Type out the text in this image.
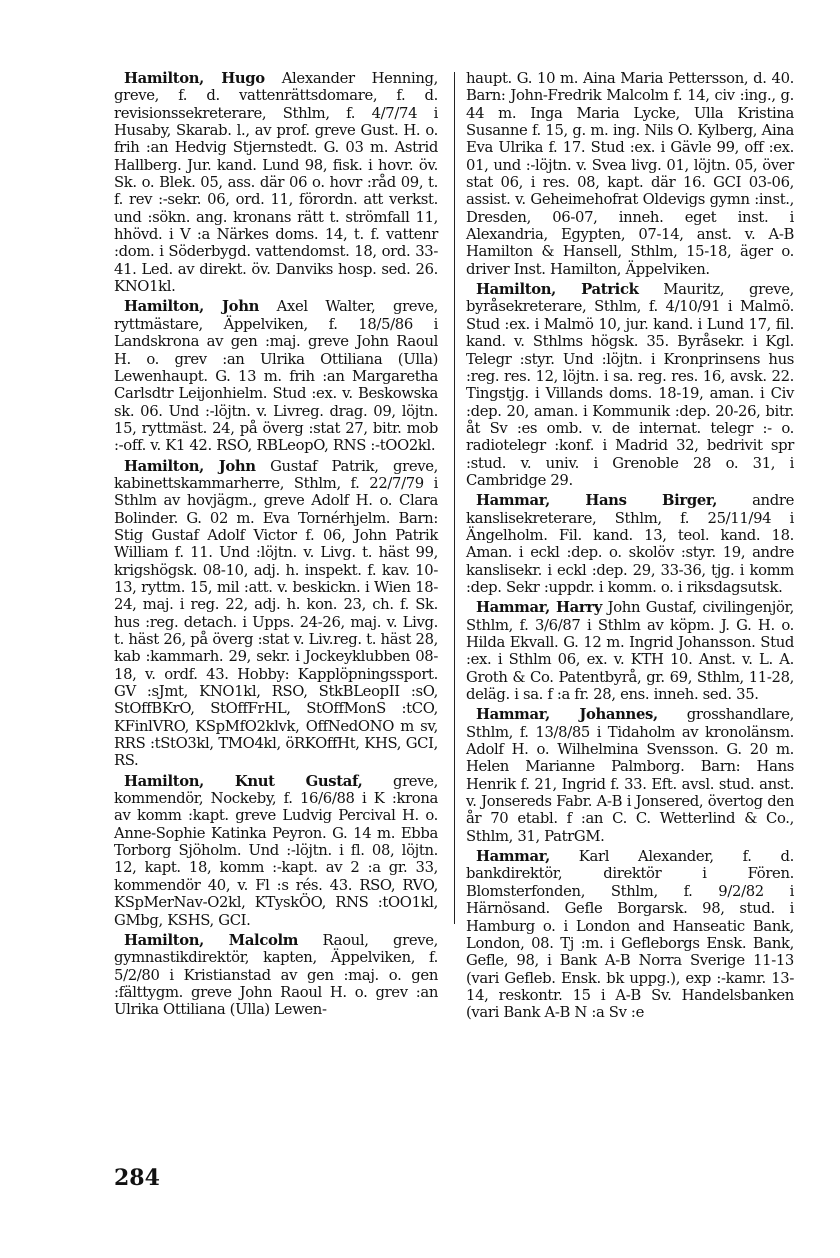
Hamilton, Hugo Alexander Henning, greve, f. d. vattenrättsdomare, f. d. revisionssekreterare, Sthlm, f. 4/7/74 i Husaby, Skarab. l., av prof. greve Gust. H. o. frih :an Hedvig Stjernstedt. G. 03 m. Astrid Hallberg. Jur. kand. Lund 98, fisk. i hovr. öv. Sk. o. Blek. 05, ass. där 06 o. hovr :råd 09, t. f. rev :-sekr. 06, ord. 11, förordn. att verkst. und :sökn. ang. kronans rätt t. strömfall 11, hhövd. i V :a Närkes doms. 14, t. f. vattenr :dom. i Söderbygd. vattendomst. 18, ord. 33-41. Led. av direkt. öv. Danviks hosp. sed. 26. KNO1kl.

Hamilton, John Axel Walter, greve, ryttmästare, Äppelviken, f. 18/5/86 i Landskrona av gen :maj. greve John Raoul H. o. grev :an Ulrika Ottiliana (Ulla) Lewenhaupt. G. 13 m. frih :an Margaretha Carlsdtr Leijonhielm. Stud :ex. v. Beskowska sk. 06. Und :-löjtn. v. Livreg. drag. 09, löjtn. 15, ryttmäst. 24, på överg :stat 27, bitr. mob :-off. v. K1 42. RSO, RBLeopO, RNS :-tOO2kl.

Hamilton, John Gustaf Patrik, greve, kabinettskammarherre, Sthlm, f. 22/7/79 i Sthlm av hovjägm., greve Adolf H. o. Clara Bolinder. G. 02 m. Eva Tornérhjelm. Barn: Stig Gustaf Adolf Victor f. 06, John Patrik William f. 11. Und :löjtn. v. Livg. t. häst 99, krigshögsk. 08-10, adj. h. inspekt. f. kav. 10-13, ryttm. 15, mil :att. v. beskickn. i Wien 18-24, maj. i reg. 22, adj. h. kon. 23, ch. f. Sk. hus :reg. detach. i Upps. 24-26, maj. v. Livg. t. häst 26, på överg :stat v. Liv.reg. t. häst 28, kab :kammarh. 29, sekr. i Jockeyklubben 08-18, v. ordf. 43. Hobby: Kapplöpningssport. GV :sJmt, KNO1kl, RSO, StkBLeopII :sO, StOffBKrO, StOffFrHL, StOffMonS :tCO, KFinlVRO, KSpMfO2klvk, OffNedONO m sv, RRS :tStO3kl, TMO4kl, öRKOffHt, KHS, GCI, RS.

Hamilton, Knut Gustaf, greve, kommendör, Nockeby, f. 16/6/88 i K :krona av komm :kapt. greve Ludvig Percival H. o. Anne-Sophie Katinka Peyron. G. 14 m. Ebba Torborg Sjöholm. Und :-löjtn. i fl. 08, löjtn. 12, kapt. 18, komm :-kapt. av 2 :a gr. 33, kommendör 40, v. Fl :s rés. 43. RSO, RVO, KSpMerNav-O2kl, KTyskÖO, RNS :tOO1kl, GMbg, KSHS, GCI.

Hamilton, Malcolm Raoul, greve, gymnastikdirektör, kapten, Äppelviken, f. 5/2/80 i Kristianstad av gen :maj. o. gen :fälttygm. greve John Raoul H. o. grev :an Ulrika Ottiliana (Ulla) Lewen-

haupt. G. 10 m. Aina Maria Pettersson, d. 40. Barn: John-Fredrik Malcolm f. 14, civ :ing., g. 44 m. Inga Maria Lycke, Ulla Kristina Susanne f. 15, g. m. ing. Nils O. Kylberg, Aina Eva Ulrika f. 17. Stud :ex. i Gävle 99, off :ex. 01, und :-löjtn. v. Svea livg. 01, löjtn. 05, över stat 06, i res. 08, kapt. där 16. GCI 03-06, assist. v. Geheimehofrat Oldevigs gymn :inst., Dresden, 06-07, inneh. eget inst. i Alexandria, Egypten, 07-14, anst. v. A-B Hamilton & Hansell, Sthlm, 15-18, äger o. driver Inst. Hamilton, Äppelviken.

Hamilton, Patrick Mauritz, greve, byråsekreterare, Sthlm, f. 4/10/91 i Malmö. Stud :ex. i Malmö 10, jur. kand. i Lund 17, fil. kand. v. Sthlms högsk. 35. Byråsekr. i Kgl. Telegr :styr. Und :löjtn. i Kronprinsens hus :reg. res. 12, löjtn. i sa. reg. res. 16, avsk. 22. Tingstjg. i Villands doms. 18-19, aman. i Civ :dep. 20, aman. i Kommunik :dep. 20-26, bitr. åt Sv :es omb. v. de internat. telegr :- o. radiotelegr :konf. i Madrid 32, bedrivit spr :stud. v. univ. i Grenoble 28 o. 31, i Cambridge 29.

Hammar, Hans Birger, andre kanslisekreterare, Sthlm, f. 25/11/94 i Ängelholm. Fil. kand. 13, teol. kand. 18. Aman. i eckl :dep. o. skolöv :styr. 19, andre kanslisekr. i eckl :dep. 29, 33-36, tjg. i komm :dep. Sekr :uppdr. i komm. o. i riksdagsutsk.

Hammar, Harry John Gustaf, civilingenjör, Sthlm, f. 3/6/87 i Sthlm av köpm. J. G. H. o. Hilda Ekvall. G. 12 m. Ingrid Johansson. Stud :ex. i Sthlm 06, ex. v. KTH 10. Anst. v. L. A. Groth & Co. Patentbyrå, gr. 69, Sthlm, 11-28, deläg. i sa. f :a fr. 28, ens. inneh. sed. 35.

Hammar, Johannes, grosshandlare, Sthlm, f. 13/8/85 i Tidaholm av kronolänsm. Adolf H. o. Wilhelmina Svensson. G. 20 m. Helen Marianne Palmborg. Barn: Hans Henrik f. 21, Ingrid f. 33. Eft. avsl. stud. anst. v. Jonsereds Fabr. A-B i Jonsered, övertog den år 70 etabl. f :an C. C. Wetterlind & Co., Sthlm, 31, PatrGM.

Hammar, Karl Alexander, f. d. bankdirektör, direktör i Fören. Blomsterfonden, Sthlm, f. 9/2/82 i Härnösand. Gefle Borgarsk. 98, stud. i Hamburg o. i London and Hanseatic Bank, London, 08. Tj :m. i Gefleborgs Ensk. Bank, Gefle, 98, i Bank A-B Norra Sverige 11-13 (vari Gefleb. Ensk. bk uppg.), exp :-kamr. 13-14, reskontr. 15 i A-B Sv. Handelsbanken (vari Bank A-B N :a Sv :e

284
